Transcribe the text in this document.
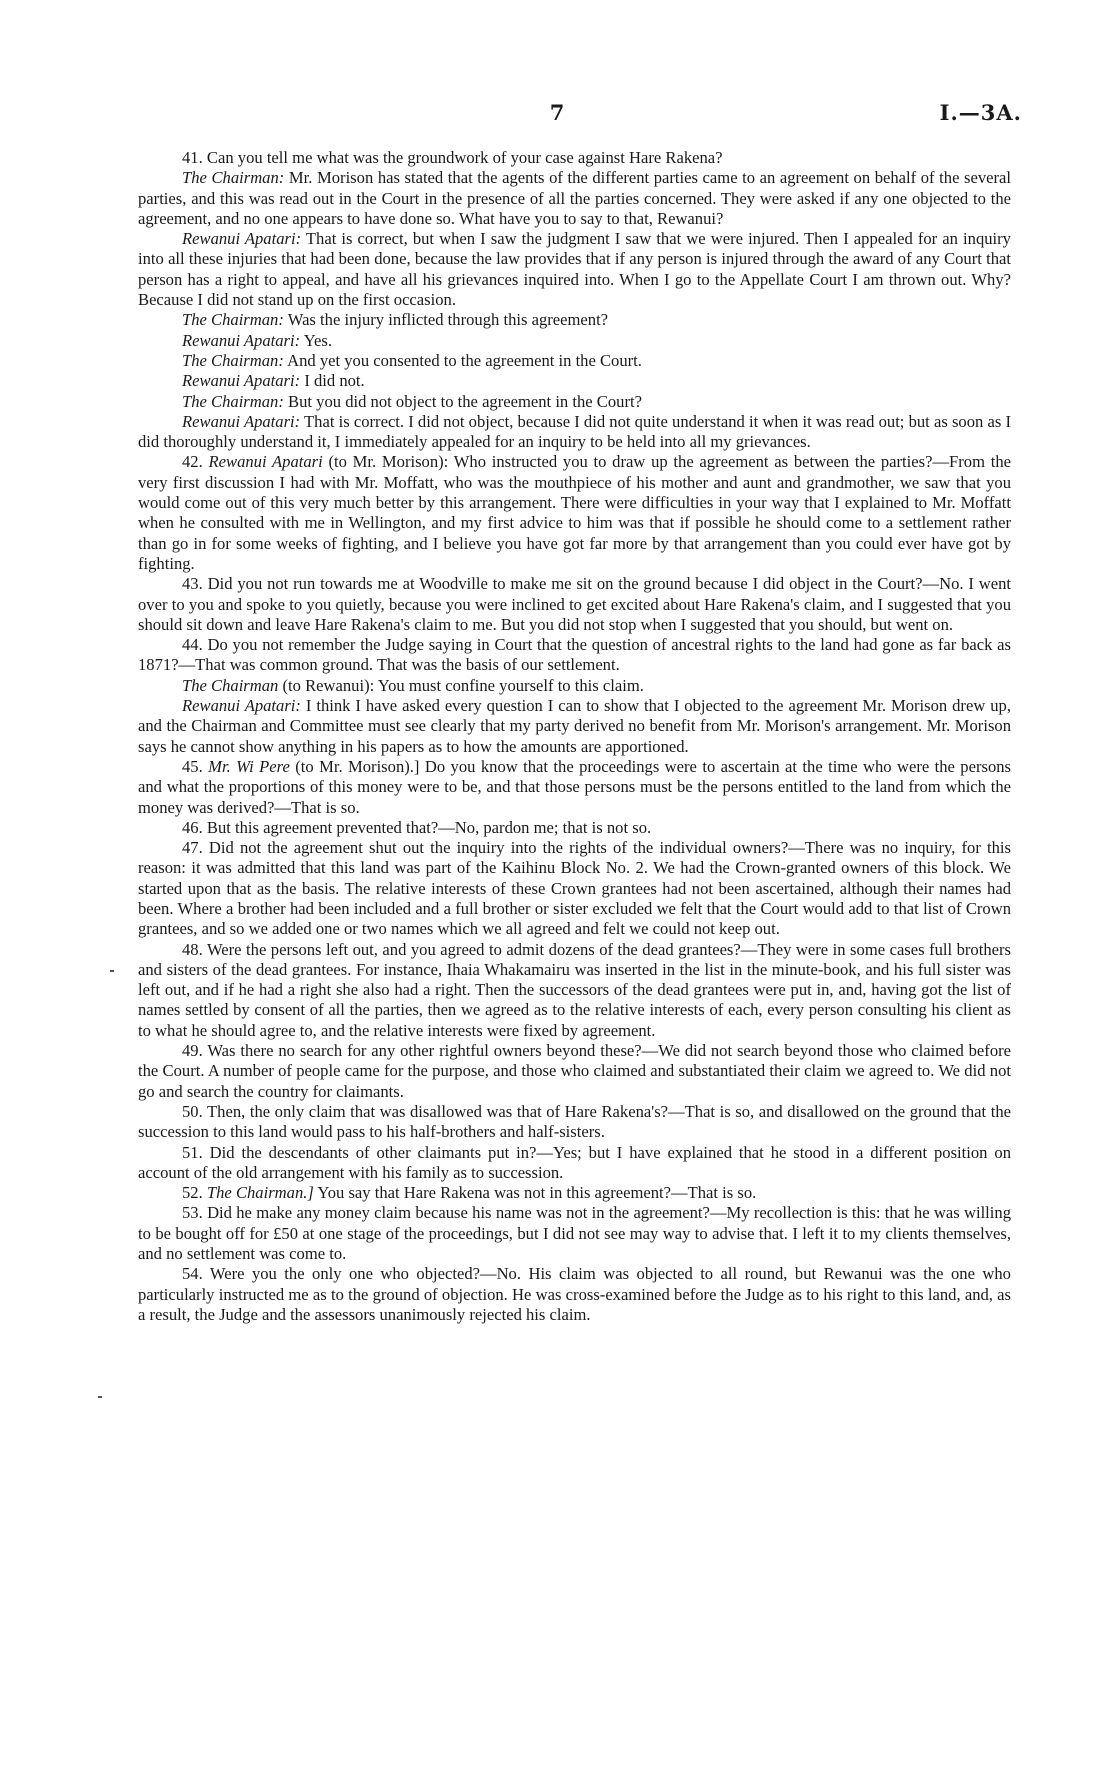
7	I.—3A.

41. Can you tell me what was the groundwork of your case against Hare Rakena?

The Chairman: Mr. Morison has stated that the agents of the different parties came to an agreement on behalf of the several parties, and this was read out in the Court in the presence of all the parties concerned. They were asked if any one objected to the agreement, and no one appears to have done so. What have you to say to that, Rewanui?

Rewanui Apatari: That is correct, but when I saw the judgment I saw that we were injured. Then I appealed for an inquiry into all these injuries that had been done, because the law provides that if any person is injured through the award of any Court that person has a right to appeal, and have all his grievances inquired into. When I go to the Appellate Court I am thrown out. Why? Because I did not stand up on the first occasion.

The Chairman: Was the injury inflicted through this agreement?

Rewanui Apatari: Yes.

The Chairman: And yet you consented to the agreement in the Court.

Rewanui Apatari: I did not.

The Chairman: But you did not object to the agreement in the Court?

Rewanui Apatari: That is correct. I did not object, because I did not quite understand it when it was read out; but as soon as I did thoroughly understand it, I immediately appealed for an inquiry to be held into all my grievances.

42. Rewanui Apatari (to Mr. Morison): Who instructed you to draw up the agreement as between the parties?—From the very first discussion I had with Mr. Moffatt, who was the mouthpiece of his mother and aunt and grandmother, we saw that you would come out of this very much better by this arrangement. There were difficulties in your way that I explained to Mr. Moffatt when he consulted with me in Wellington, and my first advice to him was that if possible he should come to a settlement rather than go in for some weeks of fighting, and I believe you have got far more by that arrangement than you could ever have got by fighting.

43. Did you not run towards me at Woodville to make me sit on the ground because I did object in the Court?—No. I went over to you and spoke to you quietly, because you were inclined to get excited about Hare Rakena's claim, and I suggested that you should sit down and leave Hare Rakena's claim to me. But you did not stop when I suggested that you should, but went on.

44. Do you not remember the Judge saying in Court that the question of ancestral rights to the land had gone as far back as 1871?—That was common ground. That was the basis of our settlement.

The Chairman (to Rewanui): You must confine yourself to this claim.

Rewanui Apatari: I think I have asked every question I can to show that I objected to the agreement Mr. Morison drew up, and the Chairman and Committee must see clearly that my party derived no benefit from Mr. Morison's arrangement. Mr. Morison says he cannot show anything in his papers as to how the amounts are apportioned.

45. Mr. Wi Pere (to Mr. Morison).] Do you know that the proceedings were to ascertain at the time who were the persons and what the proportions of this money were to be, and that those persons must be the persons entitled to the land from which the money was derived?—That is so.

46. But this agreement prevented that?—No, pardon me; that is not so.

47. Did not the agreement shut out the inquiry into the rights of the individual owners?—There was no inquiry, for this reason: it was admitted that this land was part of the Kaihinu Block No. 2. We had the Crown-granted owners of this block. We started upon that as the basis. The relative interests of these Crown grantees had not been ascertained, although their names had been. Where a brother had been included and a full brother or sister excluded we felt that the Court would add to that list of Crown grantees, and so we added one or two names which we all agreed and felt we could not keep out.

48. Were the persons left out, and you agreed to admit dozens of the dead grantees?—They were in some cases full brothers and sisters of the dead grantees. For instance, Ihaia Whakamairu was inserted in the list in the minute-book, and his full sister was left out, and if he had a right she also had a right. Then the successors of the dead grantees were put in, and, having got the list of names settled by consent of all the parties, then we agreed as to the relative interests of each, every person consulting his client as to what he should agree to, and the relative interests were fixed by agreement.

49. Was there no search for any other rightful owners beyond these?—We did not search beyond those who claimed before the Court. A number of people came for the purpose, and those who claimed and substantiated their claim we agreed to. We did not go and search the country for claimants.

50. Then, the only claim that was disallowed was that of Hare Rakena's?—That is so, and disallowed on the ground that the succession to this land would pass to his half-brothers and half-sisters.

51. Did the descendants of other claimants put in?—Yes; but I have explained that he stood in a different position on account of the old arrangement with his family as to succession.

52. The Chairman.] You say that Hare Rakena was not in this agreement?—That is so.

53. Did he make any money claim because his name was not in the agreement?—My recollection is this: that he was willing to be bought off for £50 at one stage of the proceedings, but I did not see may way to advise that. I left it to my clients themselves, and no settlement was come to.

54. Were you the only one who objected?—No. His claim was objected to all round, but Rewanui was the one who particularly instructed me as to the ground of objection. He was cross-examined before the Judge as to his right to this land, and, as a result, the Judge and the assessors unanimously rejected his claim.
